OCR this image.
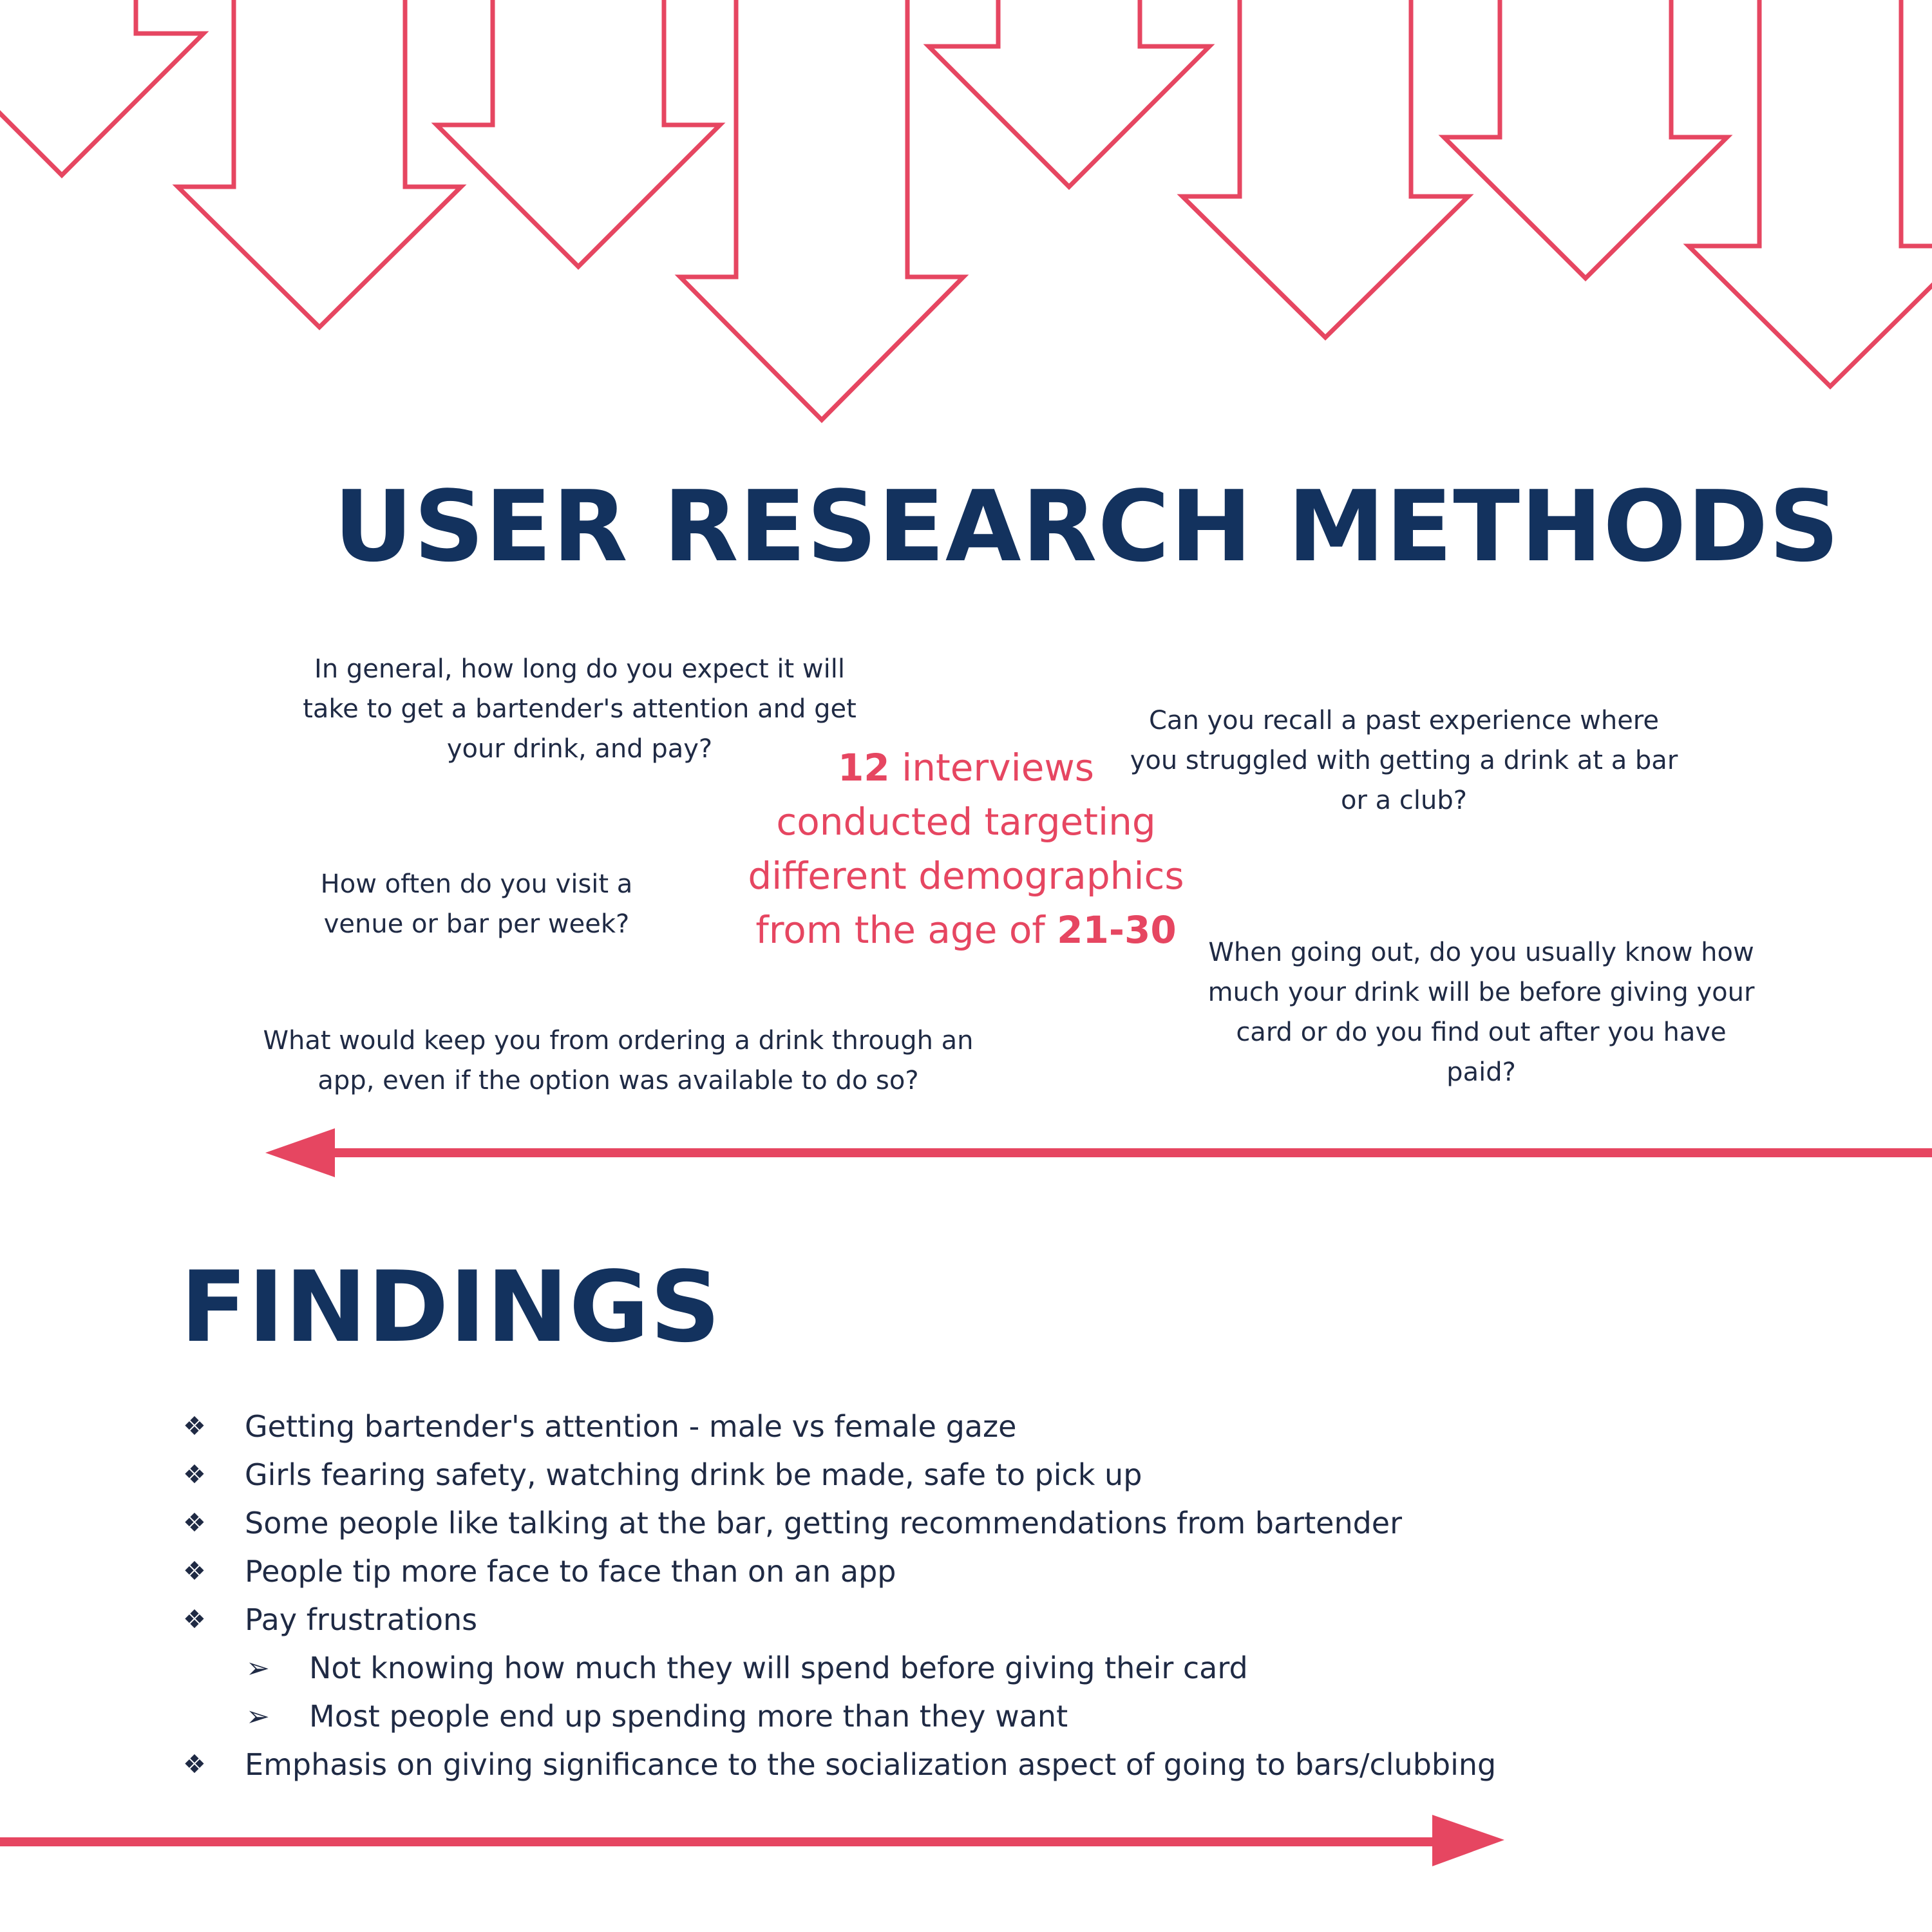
USER RESEARCH METHODS

In general, how long do you expect it will take to get a bartender's attention and get your drink, and pay?

How often do you visit a venue or bar per week?

What would keep you from ordering a drink through an app, even if the option was available to do so?

Can you recall a past experience where you struggled with getting a drink at a bar or a club?

When going out, do you usually know how much your drink will be before giving your card or do you find out after you have paid?

12 interviews
conducted targeting
different demographics
from the age of 21-30

FINDINGS
❖	Getting bartender's attention - male vs female gaze
❖	Girls fearing safety, watching drink be made, safe to pick up
❖	Some people like talking at the bar, getting recommendations from bartender
❖	People tip more face to face than on an app
❖	Pay frustrations
➢	Not knowing how much they will spend before giving their card
➢	Most people end up spending more than they want
❖	Emphasis on giving significance to the socialization aspect of going to bars/clubbing
